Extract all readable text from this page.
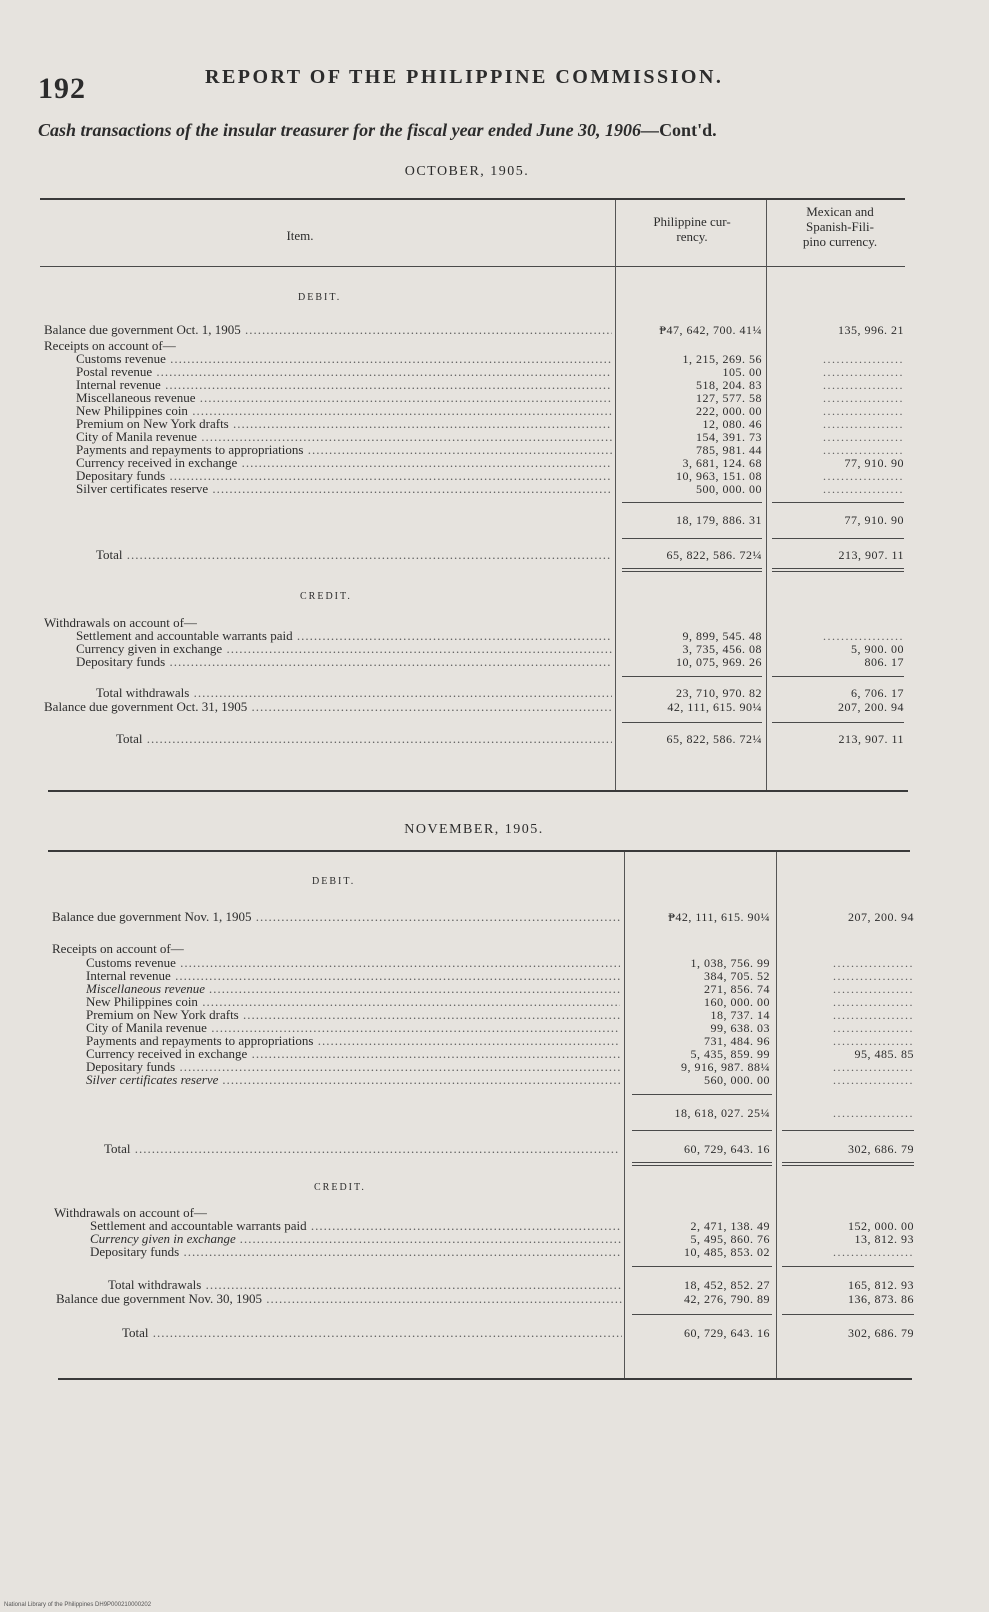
192	REPORT OF THE PHILIPPINE COMMISSION.
Cash transactions of the insular treasurer for the fiscal year ended June 30, 1906—Cont'd.
OCTOBER, 1905.
Item.
Philippine cur-
rency.
Mexican and
Spanish-Fili-
pino currency.
DEBIT.
Balance due government Oct. 1, 1905 .....	₱47, 642, 700. 41¼	135, 996. 21
Receipts on account of—
Customs revenue .....	1, 215, 269. 56	..................
Postal revenue .....	105. 00	..................
Internal revenue .....	518, 204. 83	..................
Miscellaneous revenue .....	127, 577. 58	..................
New Philippines coin .....	222, 000. 00	..................
Premium on New York drafts .....	12, 080. 46	..................
City of Manila revenue .....	154, 391. 73	..................
Payments and repayments to appropriations .....	785, 981. 44	..................
Currency received in exchange .....	3, 681, 124. 68	77, 910. 90
Depositary funds .....	10, 963, 151. 08	..................
Silver certificates reserve .....	500, 000. 00	..................
18, 179, 886. 31	77, 910. 90
Total .....	65, 822, 586. 72¼	213, 907. 11
CREDIT.
Withdrawals on account of—
Settlement and accountable warrants paid .....	9, 899, 545. 48	..................
Currency given in exchange .....	3, 735, 456. 08	5, 900. 00
Depositary funds .....	10, 075, 969. 26	806. 17
Total withdrawals .....	23, 710, 970. 82	6, 706. 17
Balance due government Oct. 31, 1905 .....	42, 111, 615. 90¼	207, 200. 94
Total .....	65, 822, 586. 72¼	213, 907. 11
NOVEMBER, 1905.
DEBIT.
Balance due government Nov. 1, 1905 .....	₱42, 111, 615. 90¼	207, 200. 94
Receipts on account of—
Customs revenue .....	1, 038, 756. 99	..................
Internal revenue .....	384, 705. 52	..................
Miscellaneous revenue .....	271, 856. 74	..................
New Philippines coin .....	160, 000. 00	..................
Premium on New York drafts .....	18, 737. 14	..................
City of Manila revenue .....	99, 638. 03	..................
Payments and repayments to appropriations .....	731, 484. 96	..................
Currency received in exchange .....	5, 435, 859. 99	95, 485. 85
Depositary funds .....	9, 916, 987. 88¼	..................
Silver certificates reserve .....	560, 000. 00	..................
18, 618, 027. 25¼	..................
Total .....	60, 729, 643. 16	302, 686. 79
CREDIT.
Withdrawals on account of—
Settlement and accountable warrants paid .....	2, 471, 138. 49	152, 000. 00
Currency given in exchange .....	5, 495, 860. 76	13, 812. 93
Depositary funds .....	10, 485, 853. 02	..................
Total withdrawals .....	18, 452, 852. 27	165, 812. 93
Balance due government Nov. 30, 1905 .....	42, 276, 790. 89	136, 873. 86
Total .....	60, 729, 643. 16	302, 686. 79
National Library of the Philippines DH9P000210000202
